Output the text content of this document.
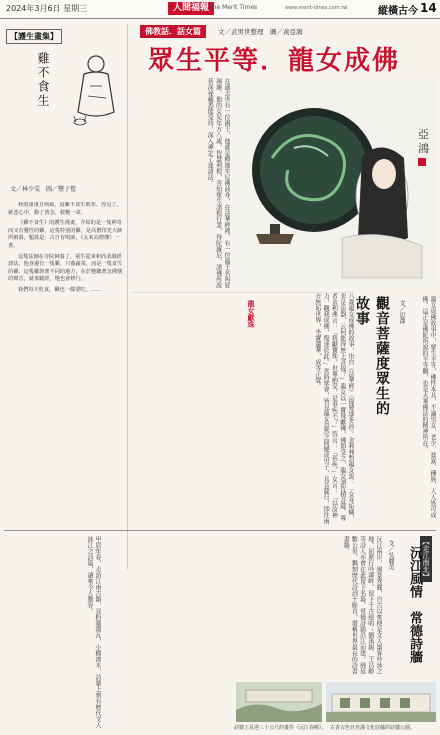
2024年3月6日 星期三	人間福報 The Merit Times	www.merit-times.com.tw	縱橫古今 14
【護生畫集】
雞不食生
文／林少雯　圖／豐子愷

秋雨淒淒且朔風，晨雞不食生飢寒。你見了。慈悲心中，動了善念，救牠一命。

《雞不食生》的護生漫畫，介紹的是一隻神奇而又有靈性的雞，這隻特別的雞，是高僧印光大師所飼養，題款是：古自有明訓，《太來高僧傳》一書。

這隻法師在寺院飼養了，重生從來和尚柔調經談法，他身邊有一隻雞，只養蔬菜，而是一隻食雪的雞，這隻雞與衆不同的地方，在於牠聽著念佛號的聲音，就來聽經，牠也會修行。

我們每天吃食，雞也一樣要吃。……

佛教話．話女篇	文／武男世整理　圖／黃亞鴻
眾生平等．龍女成佛
在過去世有一位國王，他就是釋迦牟尼佛前身，在法華經裡，有一位龍王名叫娑竭羅，他的女兒年方八歲，智慧利根，善知眾生諸根行業，得陀羅尼，諸佛所說甚深祕藏悉能受持，深入禪定了達諸法。	亞
鴻
八歲龍女成佛的故事，出自《法華經》〈提婆達多品〉。舍利弗對龍女說：「女身垢穢，非是法器，云何能得無上菩提？」龍女以一寶珠獻佛，佛即受之，龍女謂智積菩薩、尊者舍利弗言：「我獻寶珠，世尊納受，是事疾不？」答言：「甚疾。」女言：「以汝神力，觀我成佛，復速於此。」當時眾會，皆見龍女忽然之間變成男子，具菩薩行，即往南方無垢世界，坐寶蓮華，成等正覺。
龍女獻珠	觀音菩薩度眾生的故事	文／思澤	龍女成佛故事中，眾生平等，佛性本具，不論男女、老少、貧富、種族，人人皆可成佛。這正是佛陀所說的平等觀，也是大乘佛法的精神所在。
甲辰年春，走訪江南古鎮，見粉牆黛瓦，小橋流水，詩牆上刻有歷代文人詠江之詩篇，讀來令人動容。	沅江兩岸，風景秀麗，自古以來便是文人墨客吟詠之地。屈原行吟澤畔，留下千古絕唱；劉禹錫、王昌齡等詩人亦曾在此留下名篇。常德詩牆沿江而建，綿延數公里，鐫刻歷代詩詞千餘首，堪稱世界最長的詩書畫牆。	【走江南北】
沅江風情　常德詩牆
文／吳麗美
詩牆上長達三十公尺的畫作《沅江春曉》。 古香古色且充滿文化底蘊的詩牆公園。
